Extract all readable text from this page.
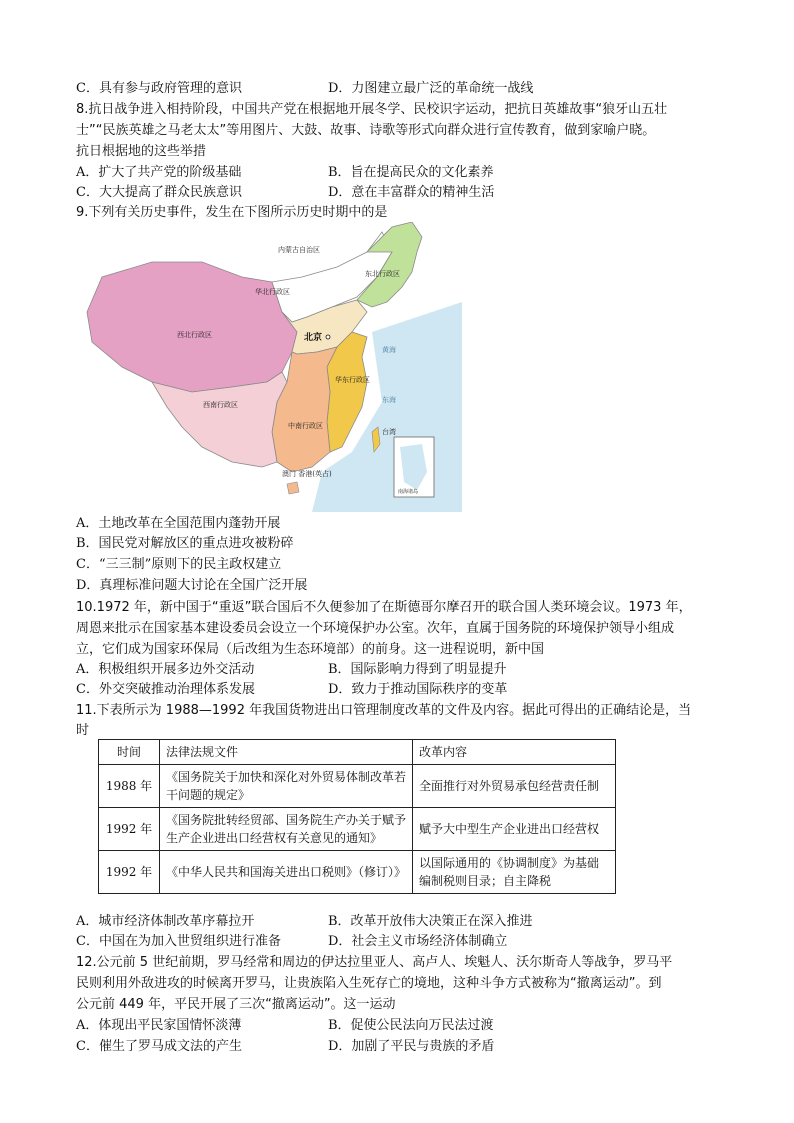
C．具有参与政府管理的意识	D．力图建立最广泛的革命统一战线
8.抗日战争进入相持阶段，中国共产党在根据地开展冬学、民校识字运动，把抗日英雄故事“狼牙山五壮
士”“民族英雄之马老太太”等用图片、大鼓、故事、诗歌等形式向群众进行宣传教育，做到家喻户晓。
抗日根据地的这些举措
A．扩大了共产党的阶级基础	B．旨在提高民众的文化素养
C．大大提高了群众民族意识	D．意在丰富群众的精神生活
9.下列有关历史事件，发生在下图所示历史时期中的是
内蒙古自治区
东北行政区
华北行政区
西北行政区	北京
华东行政区
西南行政区
中南行政区
澳门 香港(英占)
南海诸岛
东海
黄海
台湾
A．土地改革在全国范围内蓬勃开展
B．国民党对解放区的重点进攻被粉碎
C．“三三制”原则下的民主政权建立
D．真理标准问题大讨论在全国广泛开展
10.1972 年，新中国于“重返”联合国后不久便参加了在斯德哥尔摩召开的联合国人类环境会议。1973 年，
周恩来批示在国家基本建设委员会设立一个环境保护办公室。次年，直属于国务院的环境保护领导小组成
立，它们成为国家环保局（后改组为生态环境部）的前身。这一进程说明，新中国
A．积极组织开展多边外交活动	B．国际影响力得到了明显提升
C．外交突破推动治理体系发展	D．致力于推动国际秩序的变革
11.下表所示为 1988—1992 年我国货物进出口管理制度改革的文件及内容。据此可得出的正确结论是，当
时
时间	法律法规文件	改革内容
1988 年	《国务院关于加快和深化对外贸易体制改革若干问题的规定》	全面推行对外贸易承包经营责任制
1992 年	《国务院批转经贸部、国务院生产办关于赋予生产企业进出口经营权有关意见的通知》	赋予大中型生产企业进出口经营权
1992 年	《中华人民共和国海关进出口税则》（修订）》	以国际通用的《协调制度》为基础编制税则目录；自主降税
A．城市经济体制改革序幕拉开	B．改革开放伟大决策正在深入推进
C．中国在为加入世贸组织进行准备	D．社会主义市场经济体制确立
12.公元前 5 世纪前期，罗马经常和周边的伊达拉里亚人、高卢人、埃魁人、沃尔斯奇人等战争，罗马平
民则利用外敌进攻的时候离开罗马，让贵族陷入生死存亡的境地，这种斗争方式被称为“撤离运动”。到
公元前 449 年，平民开展了三次“撤离运动”。这一运动
A．体现出平民家国情怀淡薄	B．促使公民法向万民法过渡
C．催生了罗马成文法的产生	D．加剧了平民与贵族的矛盾
